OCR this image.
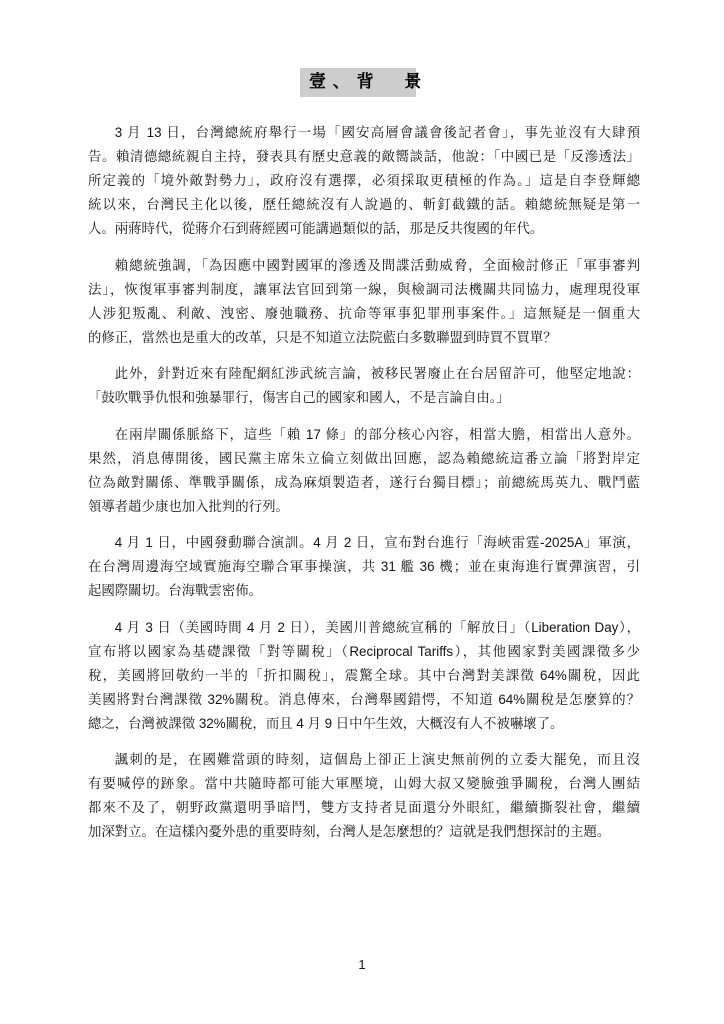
壹、背　景
3 月 13 日，台灣總統府舉行一場「國安高層會議會後記者會」，事先並沒有大肆預
告。賴清德總統親自主持，發表具有歷史意義的敵嚮談話，他說：「中國已是「反滲透法」
所定義的「境外敵對勢力」，政府沒有選擇，必須採取更積極的作為。」這是自李登輝總
統以來，台灣民主化以後，歷任總統沒有人說過的、斬釘截鐵的話。賴總統無疑是第一
人。兩蔣時代，從蔣介石到蔣經國可能講過類似的話，那是反共復國的年代。
賴總統強調，「為因應中國對國軍的滲透及間諜活動威脅，全面檢討修正「軍事審判
法」，恢復軍事審判制度，讓軍法官回到第一線，與檢調司法機關共同協力，處理現役軍
人涉犯叛亂、利敵、洩密、廢弛職務、抗命等軍事犯罪刑事案件。」這無疑是一個重大
的修正，當然也是重大的改革，只是不知道立法院藍白多數聯盟到時買不買單？
此外，針對近來有陸配網紅涉武統言論，被移民署廢止在台居留許可，他堅定地說：
「鼓吹戰爭仇恨和強暴罪行，傷害自己的國家和國人，不是言論自由。」
在兩岸關係脈絡下，這些「賴 17 條」的部分核心內容，相當大膽，相當出人意外。
果然，消息傳開後，國民黨主席朱立倫立刻做出回應，認為賴總統這番立論「將對岸定
位為敵對關係、準戰爭關係，成為麻煩製造者，遂行台獨目標」；前總統馬英九、戰鬥藍
領導者趙少康也加入批判的行列。
4 月 1 日，中國發動聯合演訓。4 月 2 日，宣布對台進行「海峽雷霆-2025A」軍演，
在台灣周邊海空域實施海空聯合軍事操演，共 31 艦 36 機；並在東海進行實彈演習，引
起國際關切。台海戰雲密佈。
4 月 3 日（美國時間 4 月 2 日），美國川普總統宣稱的「解放日」（Liberation Day），
宣布將以國家為基礎課徵「對等關稅」（Reciprocal Tariffs），其他國家對美國課徵多少
稅，美國將回敬約一半的「折扣關稅」，震驚全球。其中台灣對美課徵 64%關稅，因此
美國將對台灣課徵 32%關稅。消息傳來，台灣舉國錯愕，不知道 64%關稅是怎麼算的？
總之，台灣被課徵 32%關稅，而且 4 月 9 日中午生效，大概沒有人不被嚇壞了。
諷刺的是，在國難當頭的時刻，這個島上卻正上演史無前例的立委大罷免，而且沒
有要喊停的跡象。當中共隨時都可能大軍壓境，山姆大叔又變臉強爭關稅，台灣人團結
都來不及了，朝野政黨還明爭暗鬥，雙方支持者見面還分外眼紅，繼續撕裂社會，繼續
加深對立。在這樣內憂外患的重要時刻，台灣人是怎麼想的？這就是我們想探討的主題。
1
